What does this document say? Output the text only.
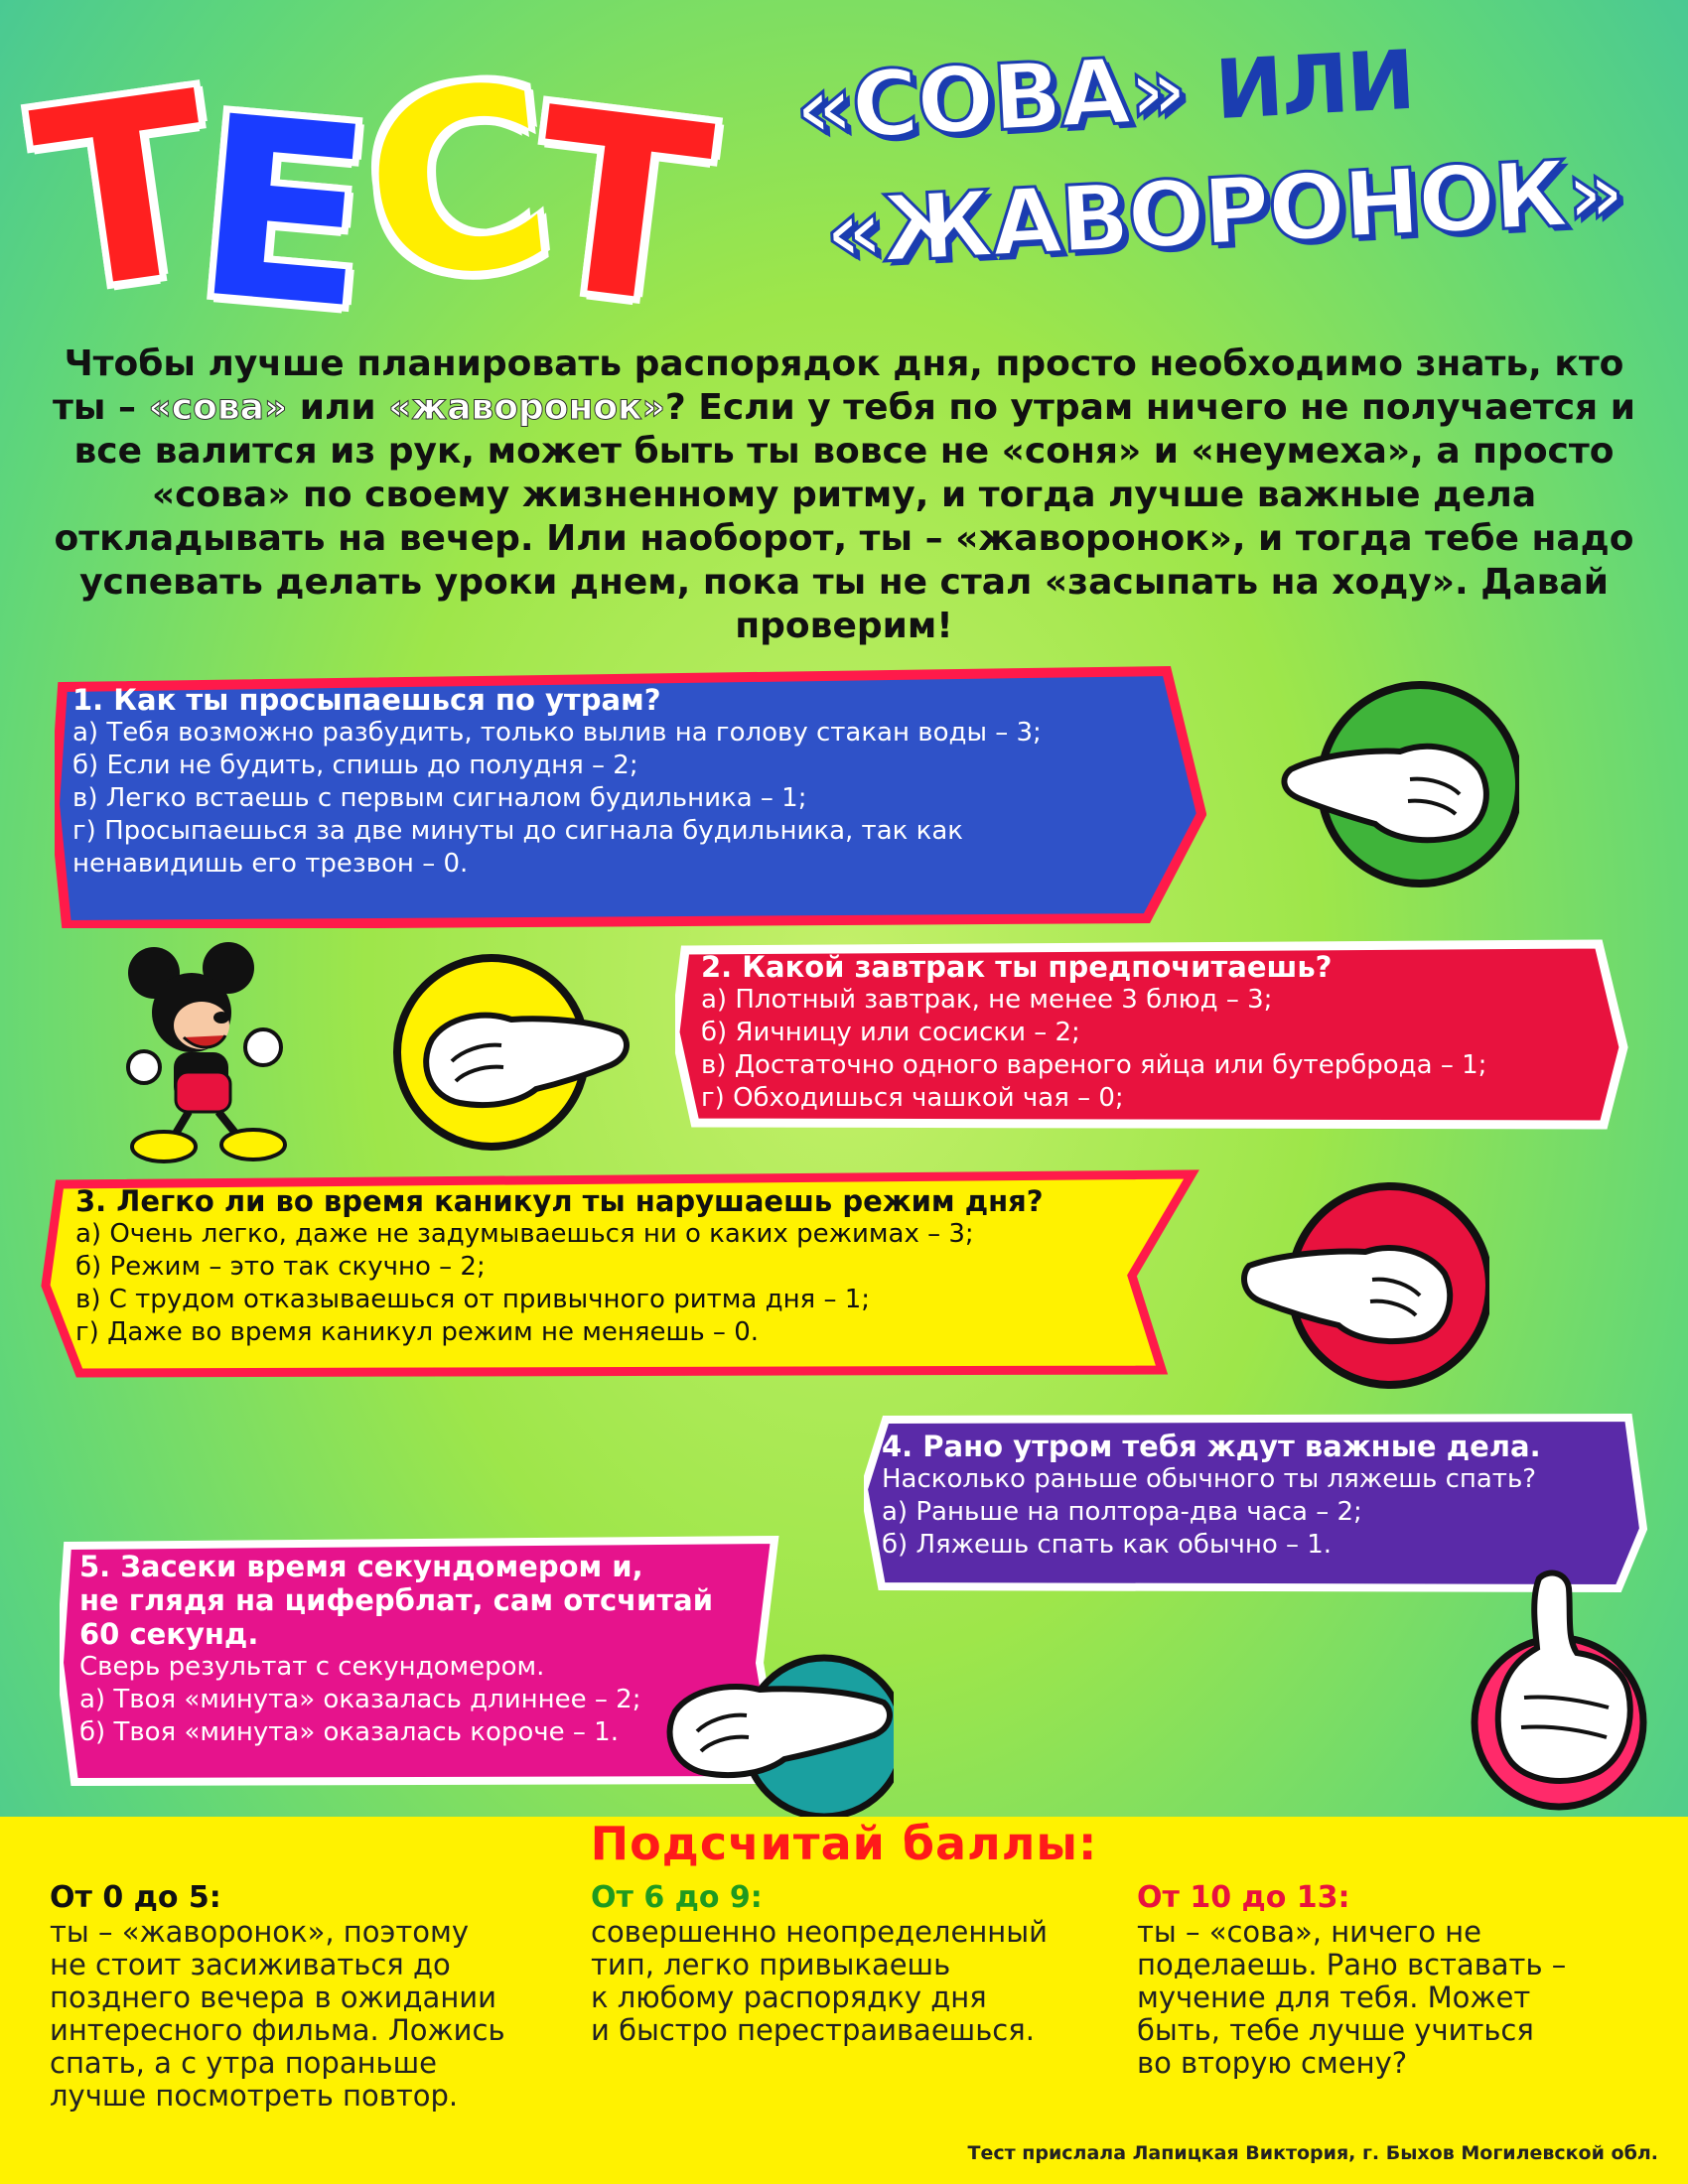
Т
Е
С
Т «СОВА» ИЛИ
«ЖАВОРОНОК»
Чтобы лучше планировать распорядок дня, просто необходимо знать, кто ты – «сова» или «жаворонок»? Если у тебя по утрам ничего не получается и все валится из рук, может быть ты вовсе не «соня» и «неумеха», а просто «сова» по своему жизненному ритму, и тогда лучше важные дела откладывать на вечер. Или наоборот, ты – «жаворонок», и тогда тебе надо успевать делать уроки днем, пока ты не стал «засыпать на ходу». Давай проверим!

1. Как ты просыпаешься по утрам?

а) Тебя возможно разбудить, только вылив на голову стакан воды – 3;

б) Если не будить, спишь до полудня – 2;

в) Легко встаешь с первым сигналом будильника – 1;

г) Просыпаешься за две минуты до сигнала будильника, так как

ненавидишь его трезвон – 0.

2. Какой завтрак ты предпочитаешь?

а) Плотный завтрак, не менее 3 блюд – 3;

б) Яичницу или сосиски – 2;

в) Достаточно одного вареного яйца или бутерброда – 1;

г) Обходишься чашкой чая – 0;

3. Легко ли во время каникул ты нарушаешь режим дня?

а) Очень легко, даже не задумываешься ни о каких режимах – 3;

б) Режим – это так скучно – 2;

в) С трудом отказываешься от привычного ритма дня – 1;

г) Даже во время каникул режим не меняешь – 0.

4. Рано утром тебя ждут важные дела.

Насколько раньше обычного ты ляжешь спать?

а) Раньше на полтора-два часа – 2;

б) Ляжешь спать как обычно – 1.

5. Засеки время секундомером и,

не глядя на циферблат, сам отсчитай

60 секунд.

Сверь результат с секундомером.

а) Твоя «минута» оказалась длиннее – 2;

б) Твоя «минута» оказалась короче – 1.

Подсчитай баллы:

От 0 до 5:

ты – «жаворонок», поэтому

не стоит засиживаться до

позднего вечера в ожидании

интересного фильма. Ложись

спать, а с утра пораньше

лучше посмотреть повтор.

От 6 до 9:

совершенно неопределенный

тип, легко привыкаешь

к любому распорядку дня

и быстро перестраиваешься.

От 10 до 13:

ты – «сова», ничего не

поделаешь. Рано вставать –

мучение для тебя. Может

быть, тебе лучше учиться

во вторую смену?

Тест прислала Лапицкая Виктория, г. Быхов Могилевской обл.
